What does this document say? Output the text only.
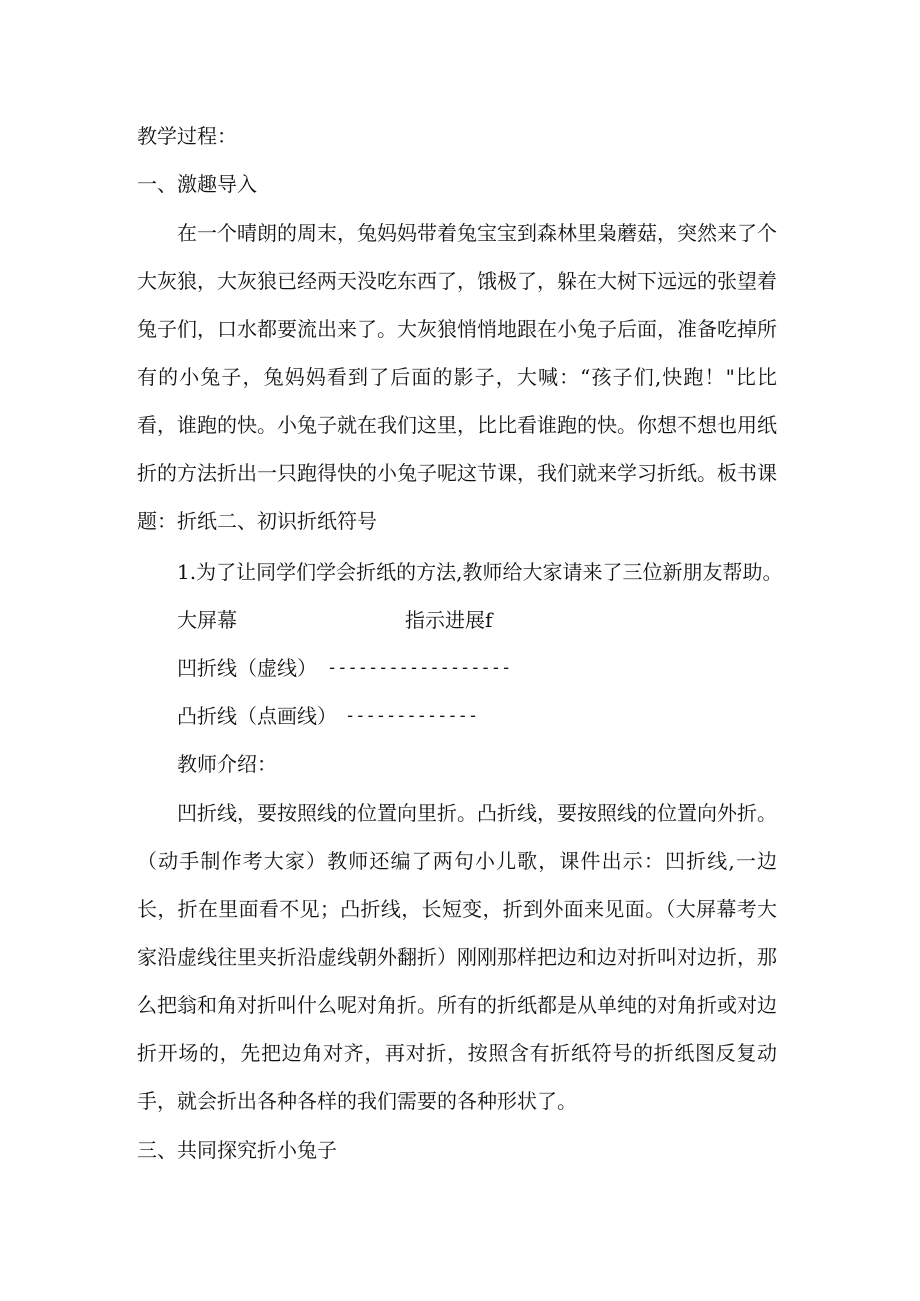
教学过程：
一、激趣导入
在一个晴朗的周末，兔妈妈带着兔宝宝到森林里枭蘑菇，突然来了个大灰狼，大灰狼已经两天没吃东西了，饿极了，躲在大树下远远的张望着兔子们，口水都要流出来了。大灰狼悄悄地跟在小兔子后面，准备吃掉所有的小兔子，兔妈妈看到了后面的影子，大喊：“孩子们,快跑！"比比看，谁跑的快。小兔子就在我们这里，比比看谁跑的快。你想不想也用纸折的方法折出一只跑得快的小兔子呢这节课，我们就来学习折纸。板书课题：折纸二、初识折纸符号
1.为了让同学们学会折纸的方法,教师给大家请来了三位新朋友帮助。
大屏幕	指示进展f
凹折线（虚线） ------------------
凸折线（点画线） -------------
教师介绍：
凹折线，要按照线的位置向里折。凸折线，要按照线的位置向外折。（动手制作考大家）教师还编了两句小儿歌，课件出示：凹折线,一边长，折在里面看不见；凸折线，长短变，折到外面来见面。（大屏幕考大家沿虚线往里夹折沿虚线朝外翻折）刚刚那样把边和边对折叫对边折，那么把翁和角对折叫什么呢对角折。所有的折纸都是从单纯的对角折或对边折开场的，先把边角对齐，再对折，按照含有折纸符号的折纸图反复动手，就会折出各种各样的我们需要的各种形状了。
三、共同探究折小兔子
